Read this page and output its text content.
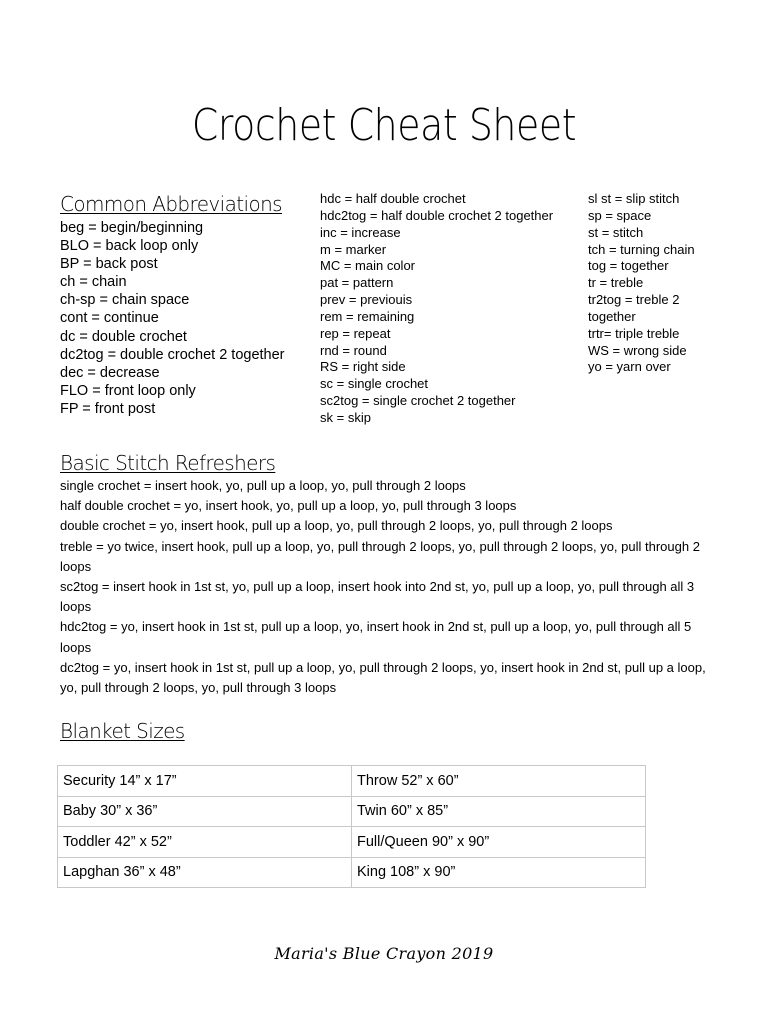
Crochet Cheat Sheet
Common Abbreviations
beg = begin/beginning
BLO = back loop only
BP = back post
ch = chain
ch-sp = chain space
cont = continue
dc = double crochet
dc2tog = double crochet 2 together
dec = decrease
FLO = front loop only
FP = front post
hdc = half double crochet
hdc2tog = half double crochet 2 together
inc = increase
m = marker
MC = main color
pat = pattern
prev = previouis
rem = remaining
rep = repeat
rnd = round
RS = right side
sc = single crochet
sc2tog = single crochet 2 together
sk = skip
sl st = slip stitch
sp = space
st = stitch
tch = turning chain
tog = together
tr = treble
tr2tog = treble 2 together
trtr= triple treble
WS = wrong side
yo = yarn over
Basic Stitch Refreshers

single crochet = insert hook, yo, pull up a loop, yo, pull through 2 loops

half double crochet = yo, insert hook, yo, pull up a loop, yo, pull through 3 loops

double crochet = yo, insert hook, pull up a loop, yo, pull through 2 loops, yo, pull through 2 loops

treble = yo twice, insert hook, pull up a loop, yo, pull through 2 loops, yo, pull through 2 loops, yo, pull through 2 loops

sc2tog = insert hook in 1st st, yo, pull up a loop, insert hook into 2nd st, yo, pull up a loop, yo, pull through all 3 loops

hdc2tog = yo, insert hook in 1st st, pull up a loop, yo, insert hook in 2nd st, pull up a loop, yo, pull through all 5 loops

dc2tog = yo, insert hook in 1st st, pull up a loop, yo, pull through 2 loops, yo, insert hook in 2nd st, pull up a loop, yo, pull through 2 loops, yo, pull through 3 loops

Blanket Sizes
Security 14” x 17”	Throw 52” x 60”
Baby 30” x 36”	Twin 60” x 85”
Toddler 42” x 52”	Full/Queen 90” x 90”
Lapghan 36” x 48”	King 108” x 90”
Maria's Blue Crayon 2019
